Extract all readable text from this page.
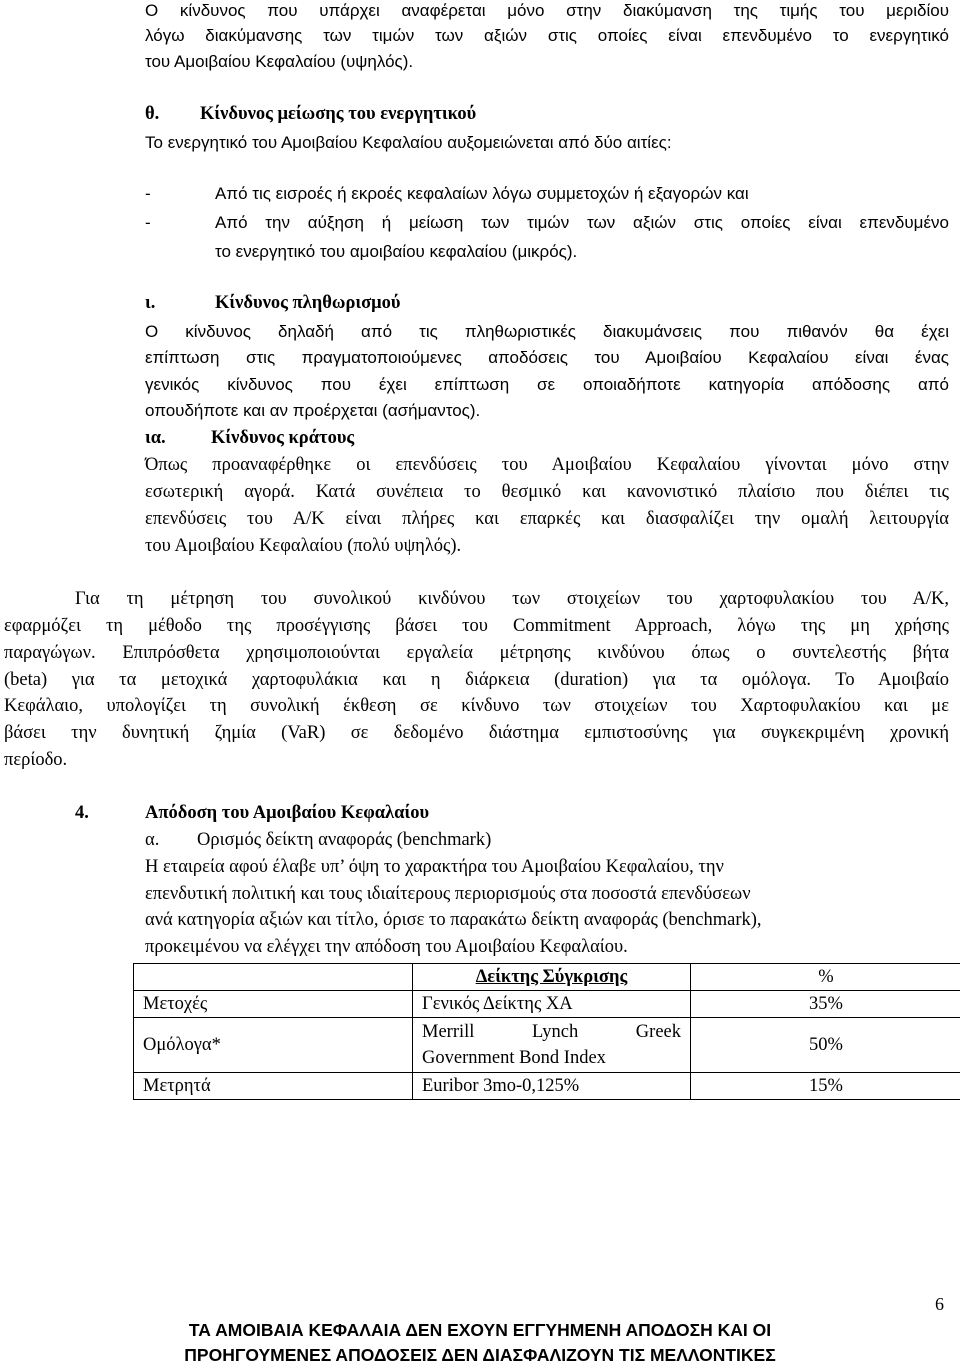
Ο κίνδυνος που υπάρχει αναφέρεται μόνο στην διακύμανση της τιμής του μεριδίου
λόγω διακύμανσης των τιμών των αξιών στις οποίες είναι επενδυμένο το ενεργητικό
του Αμοιβαίου Κεφαλαίου (υψηλός).
θ. Κίνδυνος μείωσης του ενεργητικού
Το ενεργητικό του Αμοιβαίου Κεφαλαίου αυξομειώνεται από δύο αιτίες:
-	Από τις εισροές ή εκροές κεφαλαίων λόγω συμμετοχών ή εξαγορών και
-	Από την αύξηση ή μείωση των τιμών των αξιών στις οποίες είναι επενδυμένο
το ενεργητικό του αμοιβαίου κεφαλαίου (μικρός).
ι.	Κίνδυνος πληθωρισμού
Ο κίνδυνος δηλαδή από τις πληθωριστικές διακυμάνσεις που πιθανόν θα έχει
επίπτωση στις πραγματοποιούμενες αποδόσεις του Αμοιβαίου Κεφαλαίου είναι ένας
γενικός κίνδυνος που έχει επίπτωση σε οποιαδήποτε κατηγορία απόδοσης από
οπουδήποτε και αν προέρχεται (ασήμαντος).
ια. Κίνδυνος κράτους
Όπως προαναφέρθηκε οι επενδύσεις του Αμοιβαίου Κεφαλαίου γίνονται μόνο στην
εσωτερική αγορά. Κατά συνέπεια το θεσμικό και κανονιστικό πλαίσιο που διέπει τις
επενδύσεις του Α/Κ είναι πλήρες και επαρκές και διασφαλίζει την ομαλή λειτουργία
του Αμοιβαίου Κεφαλαίου (πολύ υψηλός).
Για τη μέτρηση του συνολικού κινδύνου των στοιχείων του χαρτοφυλακίου του Α/Κ,
εφαρμόζει τη μέθοδο της προσέγγισης βάσει του Commitment Approach, λόγω της μη χρήσης
παραγώγων. Επιπρόσθετα χρησιμοποιούνται εργαλεία μέτρησης κινδύνου όπως ο συντελεστής βήτα
(beta) για τα μετοχικά χαρτοφυλάκια και η διάρκεια (duration) για τα ομόλογα. Το Αμοιβαίο
Κεφάλαιο, υπολογίζει τη συνολική έκθεση σε κίνδυνο των στοιχείων του Χαρτοφυλακίου και με
βάσει την δυνητική ζημία (VaR) σε δεδομένο διάστημα εμπιστοσύνης για συγκεκριμένη χρονική
περίοδο.
4.	Απόδοση του Αμοιβαίου Κεφαλαίου
α. Ορισμός δείκτη αναφοράς (benchmark)
Η εταιρεία αφού έλαβε υπ’ όψη το χαρακτήρα του Αμοιβαίου Κεφαλαίου, την
επενδυτική πολιτική και τους ιδιαίτερους περιορισμούς στα ποσοστά επενδύσεων
ανά κατηγορία αξιών και τίτλο, όρισε το παρακάτω δείκτη αναφοράς (benchmark),
προκειμένου να ελέγχει την απόδοση του Αμοιβαίου Κεφαλαίου.
	Δείκτης Σύγκρισης	%
Μετοχές	Γενικός Δείκτης ΧΑ	35%
Ομόλογα*	Merrill Lynch Greek
Government Bond Index	50%
Μετρητά	Euribor 3mo-0,125%	15%
6
ΤΑ ΑΜΟΙΒΑΙΑ ΚΕΦΑΛΑΙΑ ΔΕΝ ΕΧΟΥΝ ΕΓΓΥΗΜΕΝΗ ΑΠΟΔΟΣΗ ΚΑΙ ΟΙ
ΠΡΟΗΓΟΥΜΕΝΕΣ ΑΠΟΔΟΣΕΙΣ ΔΕΝ ΔΙΑΣΦΑΛΙΖΟΥΝ ΤΙΣ ΜΕΛΛΟΝΤΙΚΕΣ
